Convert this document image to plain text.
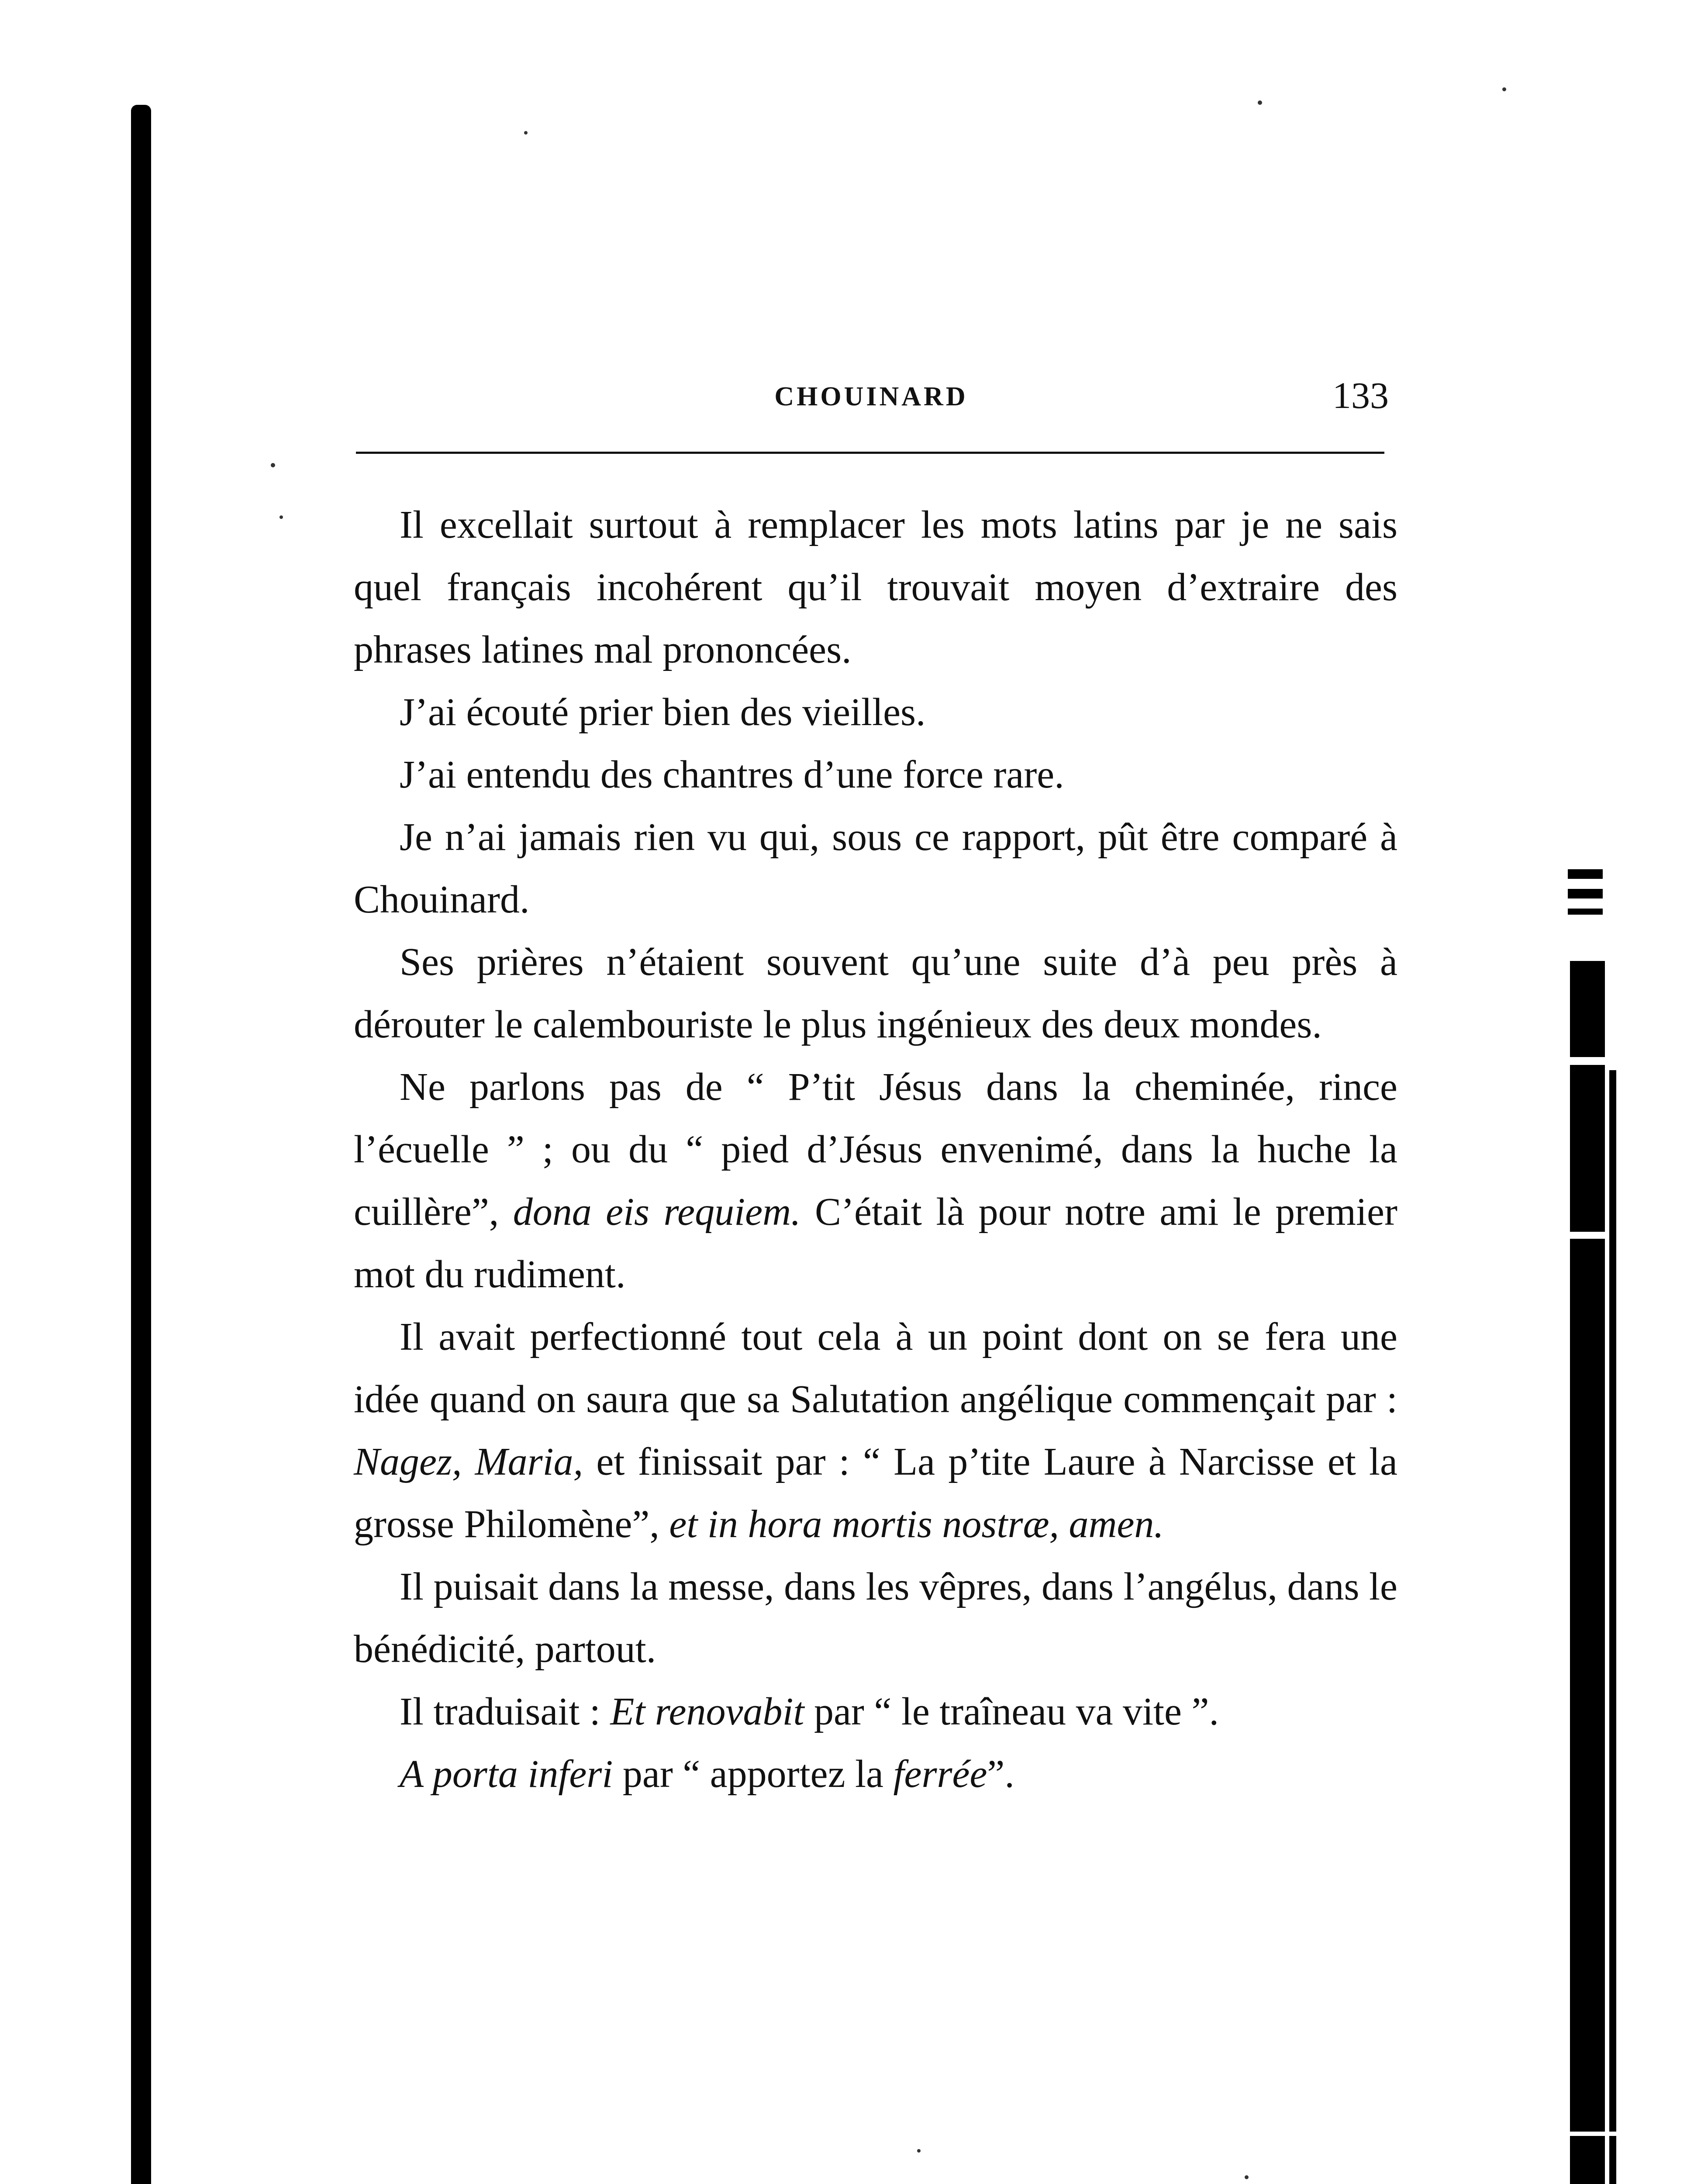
CHOUINARD	133

Il excellait surtout à remplacer les mots latins par je ne sais quel français incohérent qu’il trouvait moyen d’extraire des phrases latines mal prononcées.

J’ai écouté prier bien des vieilles.

J’ai entendu des chantres d’une force rare.

Je n’ai jamais rien vu qui, sous ce rapport, pût être comparé à Chouinard.

Ses prières n’étaient souvent qu’une suite d’à peu près à dérouter le calembouriste le plus ingénieux des deux mondes.

Ne parlons pas de “ P’tit Jésus dans la cheminée, rince l’écuelle ” ; ou du “ pied d’Jésus envenimé, dans la huche la cuillère”, dona eis requiem. C’était là pour notre ami le premier mot du rudiment.

Il avait perfectionné tout cela à un point dont on se fera une idée quand on saura que sa Salutation angélique commençait par : Nagez, Maria, et finissait par : “ La p’tite Laure à Narcisse et la grosse Philomène”, et in hora mortis nostræ, amen.

Il puisait dans la messe, dans les vêpres, dans l’angélus, dans le bénédicité, partout.

Il traduisait : Et renovabit par “ le traîneau va vite ”.

A porta inferi par “ apportez la ferrée”.
